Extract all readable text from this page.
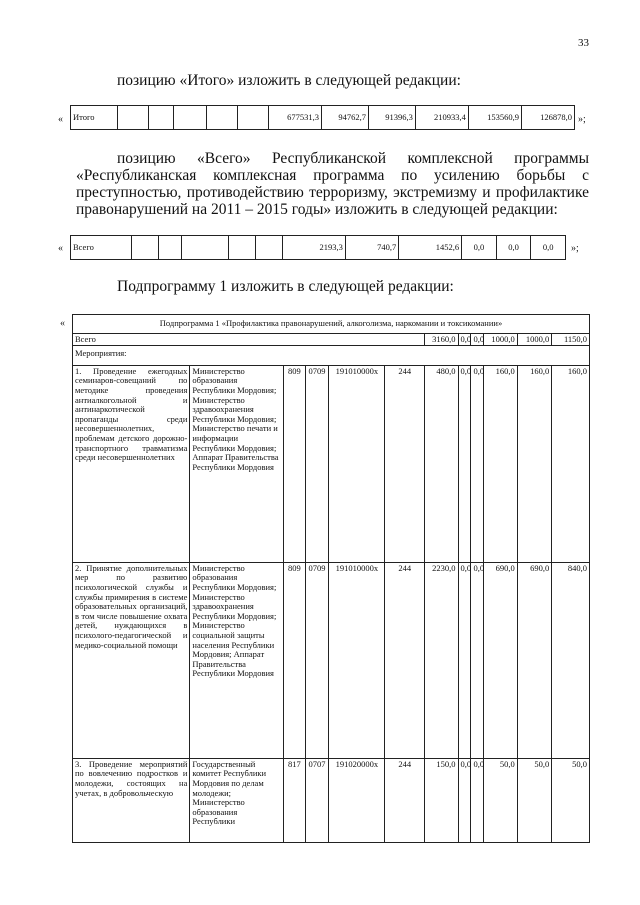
33
позицию «Итого» изложить в следующей редакции:
« Итого						677531,3	94762,7	91396,3	210933,4	153560,9	126878,0 »;
позицию «Всего» Республиканской комплексной программы
«Республиканская комплексная программа по усилению борьбы с
преступностью, противодействию терроризму, экстремизму и профилактике
правонарушений на 2011 – 2015 годы» изложить в следующей редакции:
« Всего						2193,3	740,7	1452,6	0,0	0,0	0,0 »;
Подпрограмму 1 изложить в следующей редакции:
«	Подпрограмма 1 «Профилактика правонарушений, алкоголизма, наркомании и токсикомании»											
Всего						3160,0	0,0	0,0	1000,0	1000,0	1150,0
Мероприятия:											
1. Проведение ежегодных семинаров-совещаний по методике проведения антиалкогольной и антинаркотической пропаганды среди несовершеннолетних, проблемам детского дорожно-транспортного травматизма среди несовершеннолетних	Министерство образования Республики Мордовия; Министерство здравоохранения Республики Мордовия; Министерство печати и информации Республики Мордовия; Аппарат Правительства Республики Мордовия	809	0709	191010000х	244	480,0	0,0	0,0	160,0	160,0	160,0
2. Принятие дополнительных мер по развитию психологической службы и службы примирения в системе образовательных организаций, в том числе повышение охвата детей, нуждающихся в психолого-педагогической и медико-социальной помощи	Министерство образования Республики Мордовия; Министерство здравоохранения Республики Мордовия; Министерство социальной защиты населения Республики Мордовия; Аппарат Правительства Республики Мордовия	809	0709	191010000х	244	2230,0	0,0	0,0	690,0	690,0	840,0
3. Проведение мероприятий по вовлечению подростков и молодежи, состоящих на учетах, в добровольческую	Государственный комитет Республики Мордовия по делам молодежи; Министерство образования Республики	817	0707	191020000х	244	150,0	0,0	0,0	50,0	50,0	50,0
